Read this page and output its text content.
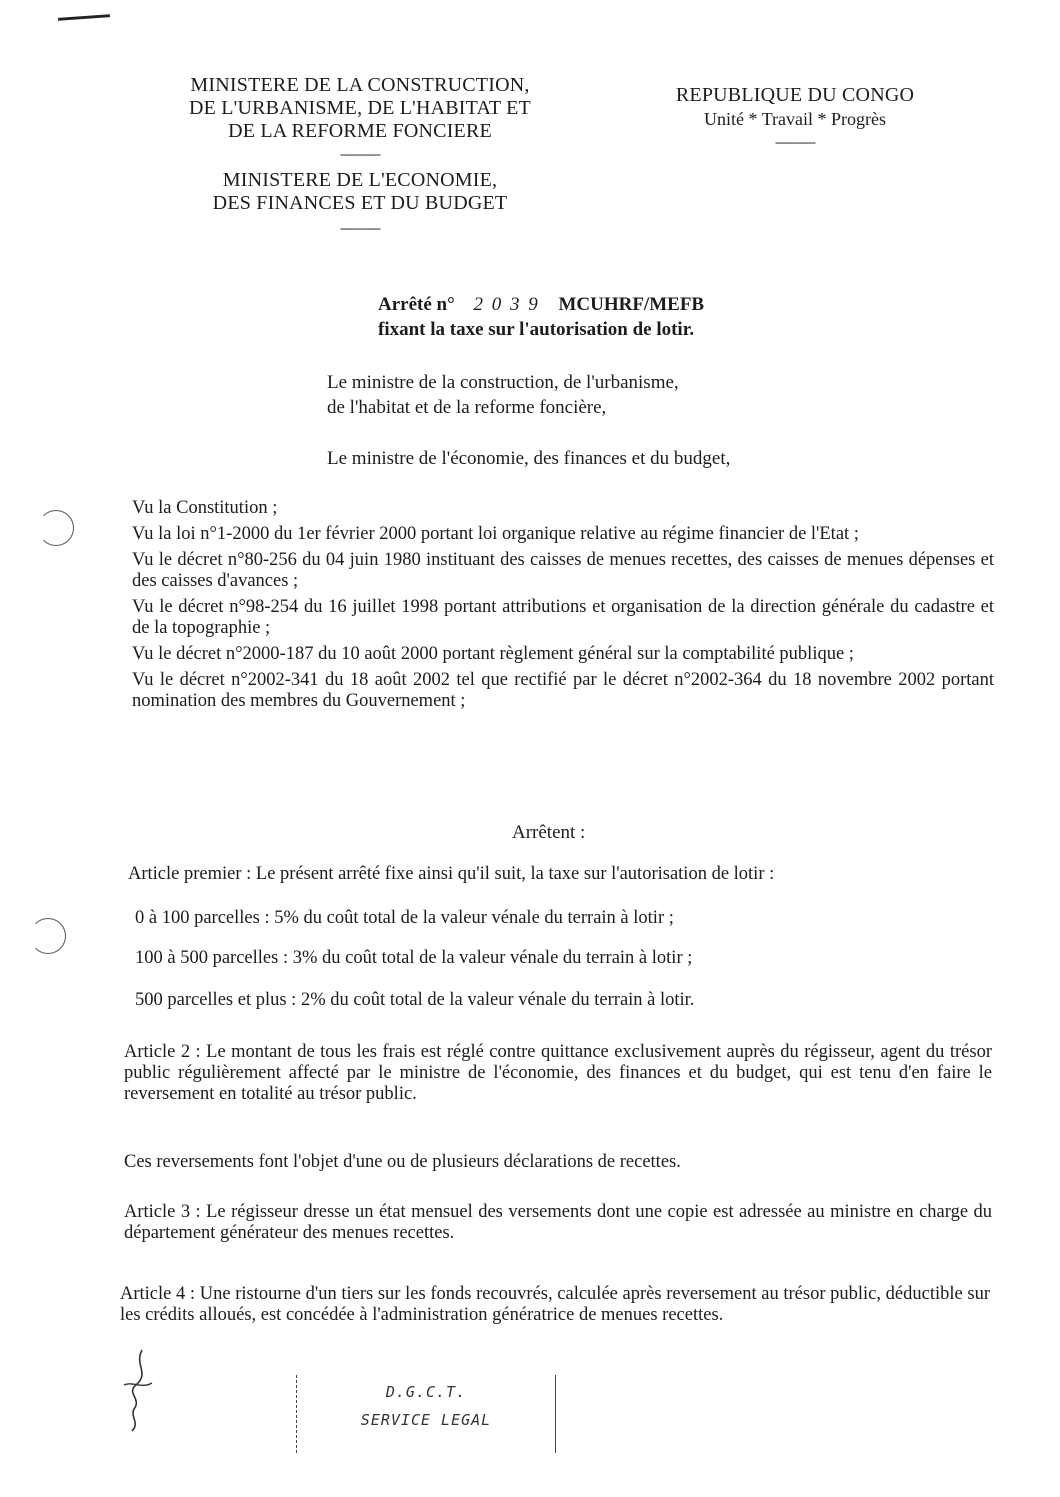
MINISTERE DE LA CONSTRUCTION,
DE L'URBANISME, DE L'HABITAT ET
DE LA REFORME FONCIERE
------------
MINISTERE DE L'ECONOMIE,
DES FINANCES ET DU BUDGET
------------
REPUBLIQUE DU CONGO
Unité * Travail * Progrès
------------
Arrêté n° 2 0 3 9 MCUHRF/MEFB
fixant la taxe sur l'autorisation de lotir.
Le ministre de la construction, de l'urbanisme,
de l'habitat et de la reforme foncière,
Le ministre de l'économie, des finances et du budget,
Vu la Constitution ;
Vu la loi n°1-2000 du 1er février 2000 portant loi organique relative au régime financier de l'Etat ;
Vu le décret n°80-256 du 04 juin 1980 instituant des caisses de menues recettes, des caisses de menues dépenses et des caisses d'avances ;
Vu le décret n°98-254 du 16 juillet 1998 portant attributions et organisation de la direction générale du cadastre et de la topographie ;
Vu le décret n°2000-187 du 10 août 2000 portant règlement général sur la comptabilité publique ;
Vu le décret n°2002-341 du 18 août 2002 tel que rectifié par le décret n°2002-364 du 18 novembre 2002 portant nomination des membres du Gouvernement ;
Arrêtent :
Article premier : Le présent arrêté fixe ainsi qu'il suit, la taxe sur l'autorisation de lotir :
0 à 100 parcelles : 5% du coût total de la valeur vénale du terrain à lotir ;
100 à 500 parcelles : 3% du coût total de la valeur vénale du terrain à lotir ;
500 parcelles et plus : 2% du coût total de la valeur vénale du terrain à lotir.
Article 2 : Le montant de tous les frais est réglé contre quittance exclusivement auprès du régisseur, agent du trésor public régulièrement affecté par le ministre de l'économie, des finances et du budget, qui est tenu d'en faire le reversement en totalité au trésor public.
Ces reversements font l'objet d'une ou de plusieurs déclarations de recettes.
Article 3 : Le régisseur dresse un état mensuel des versements dont une copie est adressée au ministre en charge du département générateur des menues recettes.
Article 4 : Une ristourne d'un tiers sur les fonds recouvrés, calculée après reversement au trésor public, déductible sur les crédits alloués, est concédée à l'administration génératrice de menues recettes.
D.G.C.T.
SERVICE LEGAL
